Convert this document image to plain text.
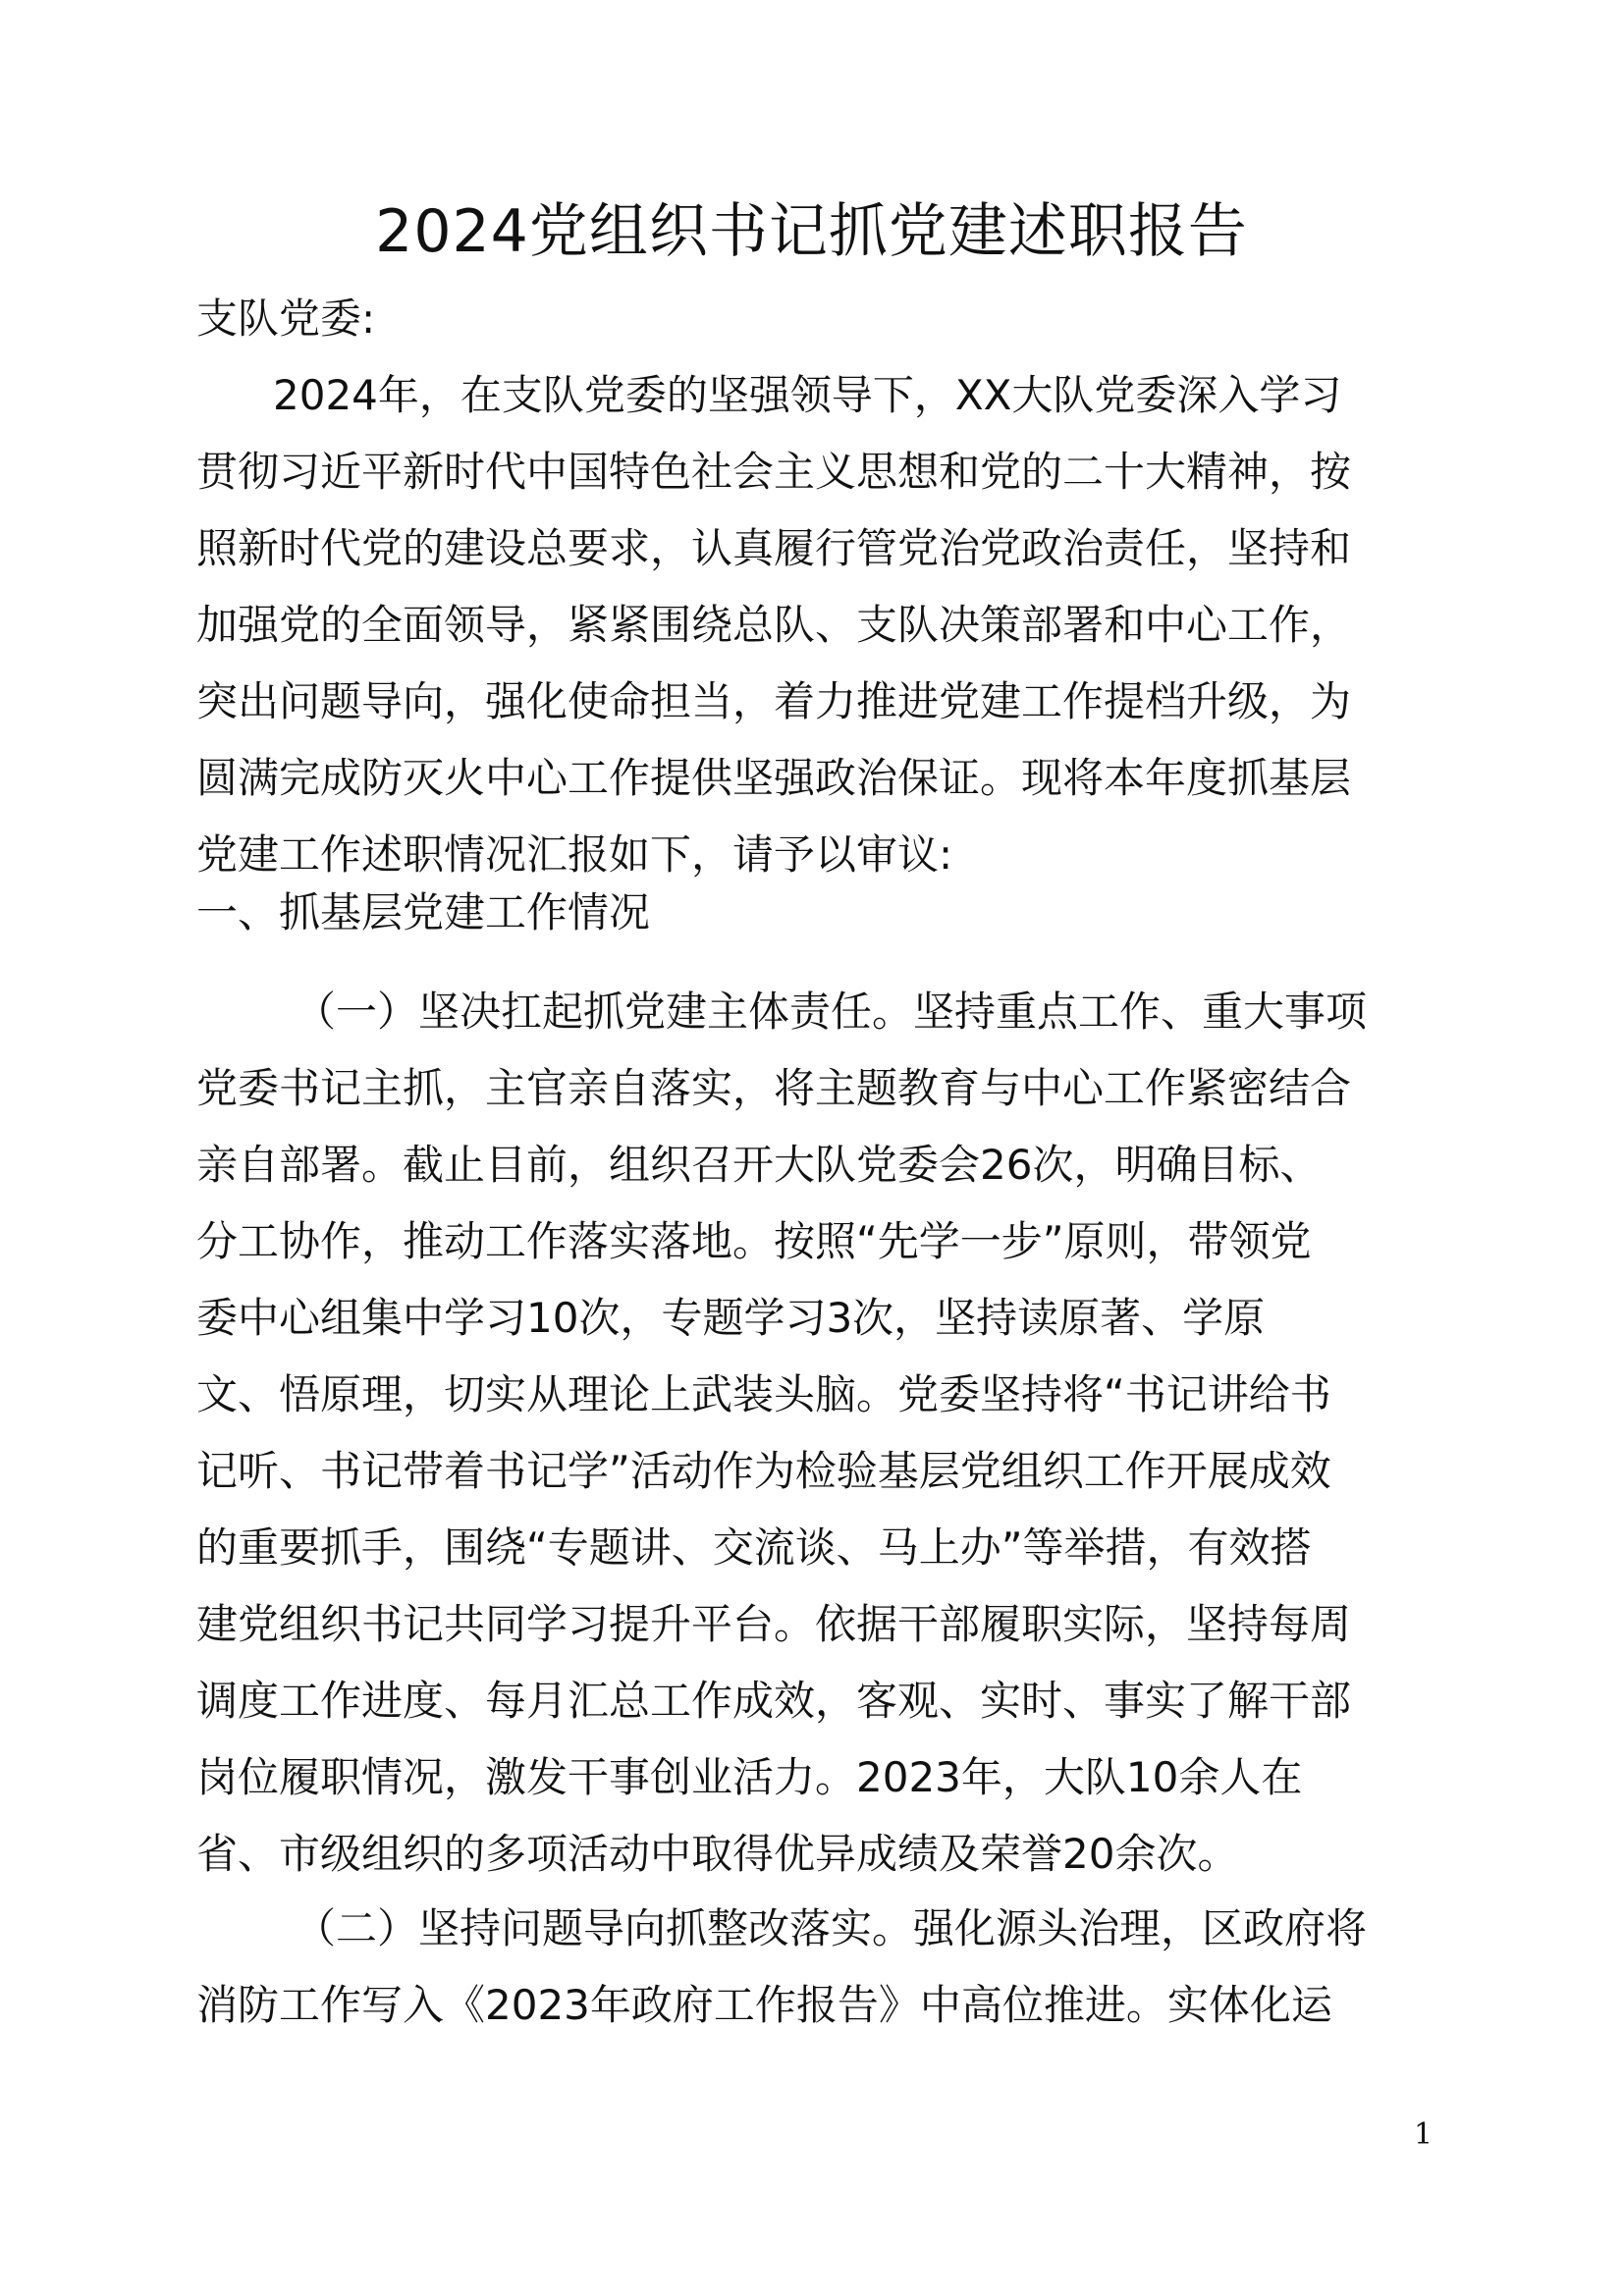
2024党组织书记抓党建述职报告
支队党委:
2024年，在支队党委的坚强领导下，XX大队党委深入学习
贯彻习近平新时代中国特色社会主义思想和党的二十大精神，按
照新时代党的建设总要求，认真履行管党治党政治责任，坚持和
加强党的全面领导，紧紧围绕总队、支队决策部署和中心工作，
突出问题导向，强化使命担当，着力推进党建工作提档升级，为
圆满完成防灭火中心工作提供坚强政治保证。现将本年度抓基层
党建工作述职情况汇报如下，请予以审议:
一、抓基层党建工作情况
（一）坚决扛起抓党建主体责任。坚持重点工作、重大事项
党委书记主抓，主官亲自落实，将主题教育与中心工作紧密结合
亲自部署。截止目前，组织召开大队党委会26次，明确目标、
分工协作，推动工作落实落地。按照“先学一步”原则，带领党
委中心组集中学习10次，专题学习3次，坚持读原著、学原
文、悟原理，切实从理论上武装头脑。党委坚持将“书记讲给书
记听、书记带着书记学”活动作为检验基层党组织工作开展成效
的重要抓手，围绕“专题讲、交流谈、马上办”等举措，有效搭
建党组织书记共同学习提升平台。依据干部履职实际，坚持每周
调度工作进度、每月汇总工作成效，客观、实时、事实了解干部
岗位履职情况，激发干事创业活力。2023年，大队10余人在
省、市级组织的多项活动中取得优异成绩及荣誉20余次。
（二）坚持问题导向抓整改落实。强化源头治理，区政府将
消防工作写入《2023年政府工作报告》中高位推进。实体化运
1
